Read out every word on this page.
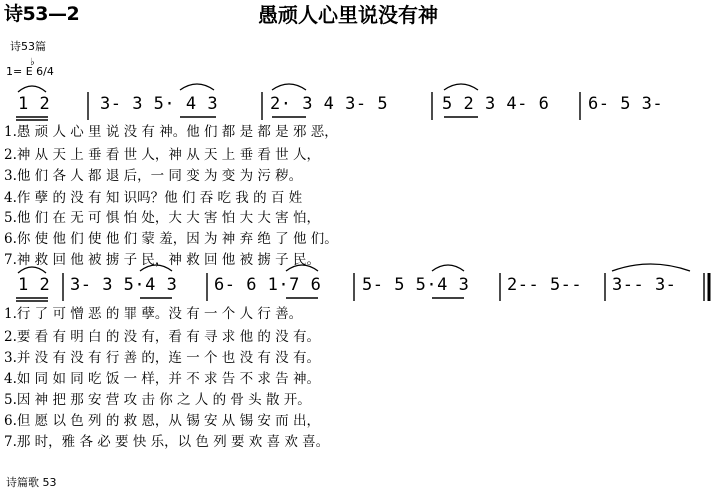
诗53—2	愚顽人心里说没有神
诗53篇
♭
1= E 6/4
1 2	3- 3 5· 4 3	2· 3 4 3- 5	5 2 3 4- 6 6- 5 3-
1.愚 顽 人 心 里 说 没 有 神。他 们 都 是 都 是 邪 恶，
2.神 从 天 上 垂 看 世 人，神 从 天 上 垂 看 世 人，
3.他 们 各 人 都 退 后，一 同 变 为 变 为 污 秽。
4.作 孽 的 没 有 知 识吗？他 们 吞 吃 我 的 百 姓
5.他 们 在 无 可 惧 怕 处，大 大 害 怕 大 大 害 怕，
6.你 使 他 们 使 他 们 蒙 羞，因 为 神 弃 绝 了 他 们。
7.神 救 回 他 被 掳 子 民，神 救 回 他 被 掳 子 民。
1 2 3- 3 5·4 3 6- 6 1·7 6 5- 5 5·4 3 2-- 5-- 3-- 3-
1.行 了 可 憎 恶 的 罪 孽。没 有 一 个 人 行 善。
2.要 看 有 明 白 的 没 有，看 有 寻 求 他 的 没 有。
3.并 没 有 没 有 行 善 的，连 一 个 也 没 有 没 有。
4.如 同 如 同 吃 饭 一 样，并 不 求 告 不 求 告 神。
5.因 神 把 那 安 营 攻 击 你 之 人 的 骨 头 散 开。
6.但 愿 以 色 列 的 救 恩，从 锡 安 从 锡 安 而 出，
7.那 时，雅 各 必 要 快 乐，以 色 列 要 欢 喜 欢 喜。
诗篇歌 53
